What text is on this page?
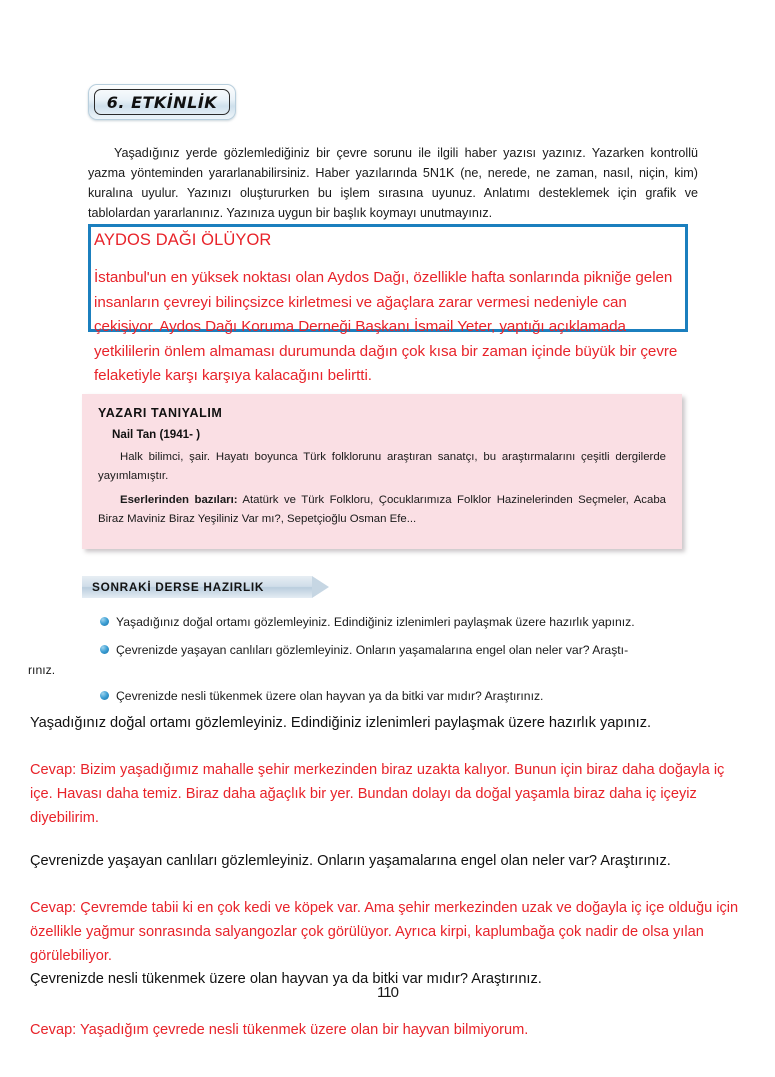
6. ETKİNLİK

Yaşadığınız yerde gözlemlediğiniz bir çevre sorunu ile ilgili haber yazısı yazınız. Yazarken kontrollü yazma yönteminden yararlanabilirsiniz. Haber yazılarında 5N1K (ne, nerede, ne zaman, nasıl, niçin, kim) kuralına uyulur. Yazınızı oluştururken bu işlem sırasına uyunuz. Anlatımı desteklemek için grafik ve tablolardan yararlanınız. Yazınıza uygun bir başlık koymayı unutmayınız.

AYDOS DAĞI ÖLÜYOR
İstanbul'un en yüksek noktası olan Aydos Dağı, özellikle hafta sonlarında pikniğe gelen insanların çevreyi bilinçsizce kirletmesi ve ağaçlara zarar vermesi nedeniyle can çekişiyor. Aydos Dağı Koruma Derneği Başkanı İsmail Yeter, yaptığı açıklamada yetkililerin önlem almaması durumunda dağın çok kısa bir zaman içinde büyük bir çevre felaketiyle karşı karşıya kalacağını belirtti.

YAZARI TANIYALIM

Nail Tan (1941- )

Halk bilimci, şair. Hayatı boyunca Türk folklorunu araştıran sanatçı, bu araştırmalarını çeşitli dergilerde yayımlamıştır.

Eserlerinden bazıları: Atatürk ve Türk Folkloru, Çocuklarımıza Folklor Hazinelerinden Seçmeler, Acaba Biraz Maviniz Biraz Yeşiliniz Var mı?, Sepetçioğlu Osman Efe...

SONRAKİ DERSE HAZIRLIK
Yaşadığınız doğal ortamı gözlemleyiniz. Edindiğiniz izlenimleri paylaşmak üzere hazırlık yapınız.
Çevrenizde yaşayan canlıları gözlemleyiniz. Onların yaşamalarına engel olan neler var? Araştı-
rınız.
Çevrenizde nesli tükenmek üzere olan hayvan ya da bitki var mıdır? Araştırınız.

Yaşadığınız doğal ortamı gözlemleyiniz. Edindiğiniz izlenimleri paylaşmak üzere hazırlık yapınız.

Cevap: Bizim yaşadığımız mahalle şehir merkezinden biraz uzakta kalıyor. Bunun için biraz daha doğayla iç içe. Havası daha temiz. Biraz daha ağaçlık bir yer. Bundan dolayı da doğal yaşamla biraz daha iç içeyiz diyebilirim.

Çevrenizde yaşayan canlıları gözlemleyiniz. Onların yaşamalarına engel olan neler var? Araştırınız.

Cevap: Çevremde tabii ki en çok kedi ve köpek var. Ama şehir merkezinden uzak ve doğayla iç içe olduğu için özellikle yağmur sonrasında salyangozlar çok görülüyor. Ayrıca kirpi, kaplumbağa çok nadir de olsa yılan görülebiliyor.

Çevrenizde nesli tükenmek üzere olan hayvan ya da bitki var mıdır? Araştırınız.

Cevap: Yaşadığım çevrede nesli tükenmek üzere olan bir hayvan bilmiyorum.

110
